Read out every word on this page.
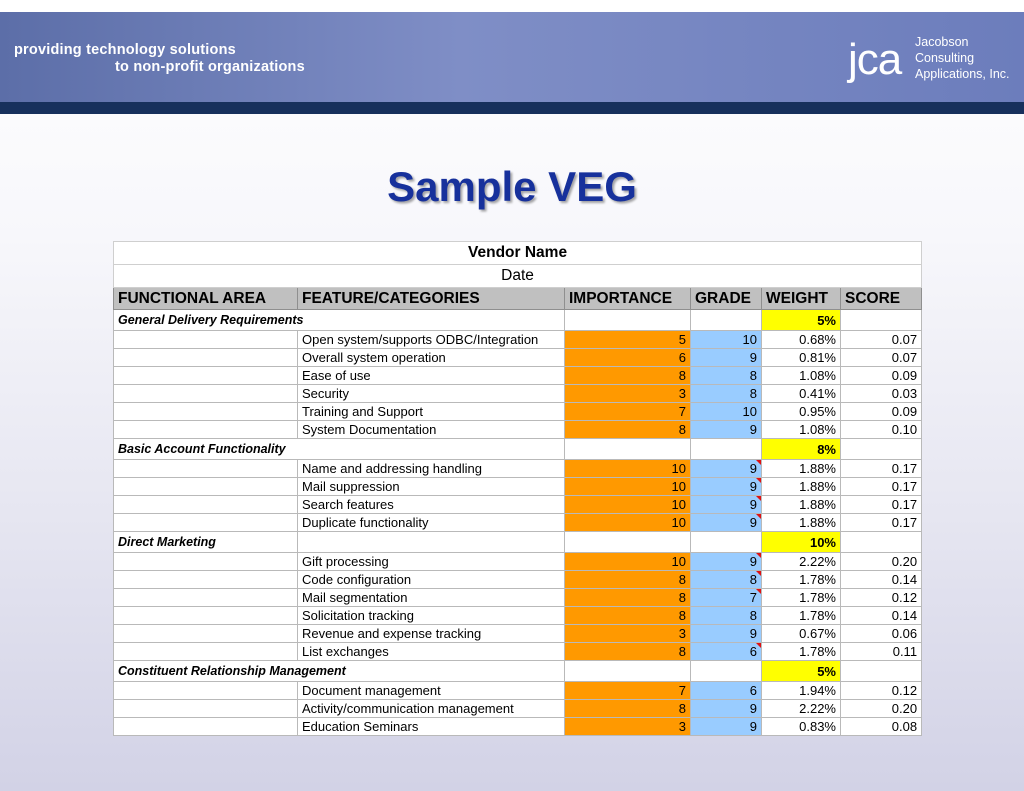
providing technology solutions
to non-profit organizations	jca Jacobson
Consulting
Applications, Inc.
Sample VEG
Vendor Name					
Date					
FUNCTIONAL AREA	FEATURE/CATEGORIES	IMPORTANCE	GRADE	WEIGHT	SCORE
General Delivery Requirements				5%	
	Open system/supports ODBC/Integration	5	10	0.68%	0.07
	Overall system operation	6	9	0.81%	0.07
	Ease of use	8	8	1.08%	0.09
	Security	3	8	0.41%	0.03
	Training and Support	7	10	0.95%	0.09
	System Documentation	8	9	1.08%	0.10
Basic Account Functionality				8%	
	Name and addressing handling	10	9	1.88%	0.17
	Mail suppression	10	9	1.88%	0.17
	Search features	10	9	1.88%	0.17
	Duplicate functionality	10	9	1.88%	0.17
Direct Marketing				10%	
	Gift processing	10	9	2.22%	0.20
	Code configuration	8	8	1.78%	0.14
	Mail segmentation	8	7	1.78%	0.12
	Solicitation tracking	8	8	1.78%	0.14
	Revenue and expense tracking	3	9	0.67%	0.06
	List exchanges	8	6	1.78%	0.11
Constituent Relationship Management				5%	
	Document management	7	6	1.94%	0.12
	Activity/communication management	8	9	2.22%	0.20
	Education Seminars	3	9	0.83%	0.08
